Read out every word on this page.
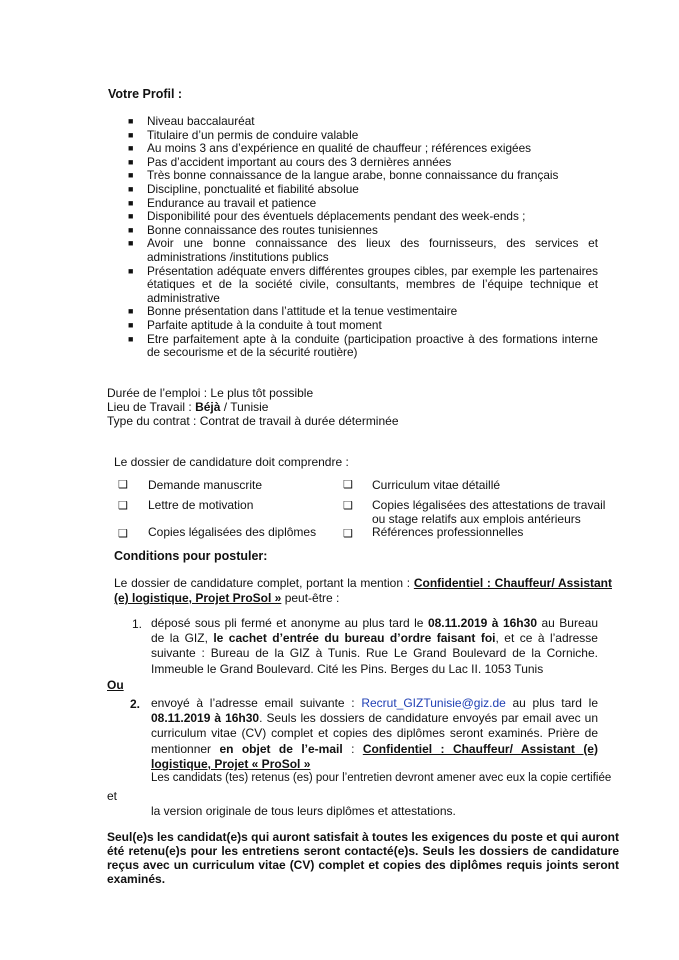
Votre Profil :
■ Niveau baccalauréat
■ Titulaire d’un permis de conduire valable
■ Au moins 3 ans d’expérience en qualité de chauffeur ; références exigées
■ Pas d’accident important au cours des 3 dernières années
■ Très bonne connaissance de la langue arabe, bonne connaissance du français
■ Discipline, ponctualité et fiabilité absolue
■ Endurance au travail et patience
■ Disponibilité pour des éventuels déplacements pendant des week-ends ;
■ Bonne connaissance des routes tunisiennes
■ Avoir une bonne connaissance des lieux des fournisseurs, des services et administrations /institutions publics
■ Présentation adéquate envers différentes groupes cibles, par exemple les partenaires étatiques et de la société civile, consultants, membres de l’équipe technique et administrative
■ Bonne présentation dans l’attitude et la tenue vestimentaire
■ Parfaite aptitude à la conduite à tout moment
■ Etre parfaitement apte à la conduite (participation proactive à des formations interne de secourisme et de la sécurité routière)
Durée de l’emploi : Le plus tôt possible
Lieu de Travail : Béjà / Tunisie
Type du contrat : Contrat de travail à durée déterminée
Le dossier de candidature doit comprendre :
❑ Demande manuscrite
❑ Lettre de motivation
❑ Copies légalisées des diplômes
❑ Curriculum vitae détaillé
❑ Copies légalisées des attestations de travail ou stage relatifs aux emplois antérieurs
❑ Références professionnelles
Conditions pour postuler:
Le dossier de candidature complet, portant la mention : Confidentiel : Chauffeur/ Assistant (e) logistique, Projet ProSol » peut-être :
1. déposé sous pli fermé et anonyme au plus tard le 08.11.2019 à 16h30 au Bureau de la GIZ, le cachet d’entrée du bureau d’ordre faisant foi, et ce à l’adresse suivante : Bureau de la GIZ à Tunis. Rue Le Grand Boulevard de la Corniche. Immeuble le Grand Boulevard. Cité les Pins. Berges du Lac II. 1053 Tunis
Ou
2. envoyé à l’adresse email suivante : Recrut_GIZTunisie@giz.de au plus tard le 08.11.2019 à 16h30. Seuls les dossiers de candidature envoyés par email avec un curriculum vitae (CV) complet et copies des diplômes seront examinés. Prière de mentionner en objet de l’e-mail : Confidentiel : Chauffeur/ Assistant (e) logistique, Projet « ProSol »
Les candidats (tes) retenus (es) pour l’entretien devront amener avec eux la copie certifiée
et
la version originale de tous leurs diplômes et attestations.
Seul(e)s les candidat(e)s qui auront satisfait à toutes les exigences du poste et qui auront été retenu(e)s pour les entretiens seront contacté(e)s. Seuls les dossiers de candidature reçus avec un curriculum vitae (CV) complet et copies des diplômes requis joints seront examinés.
